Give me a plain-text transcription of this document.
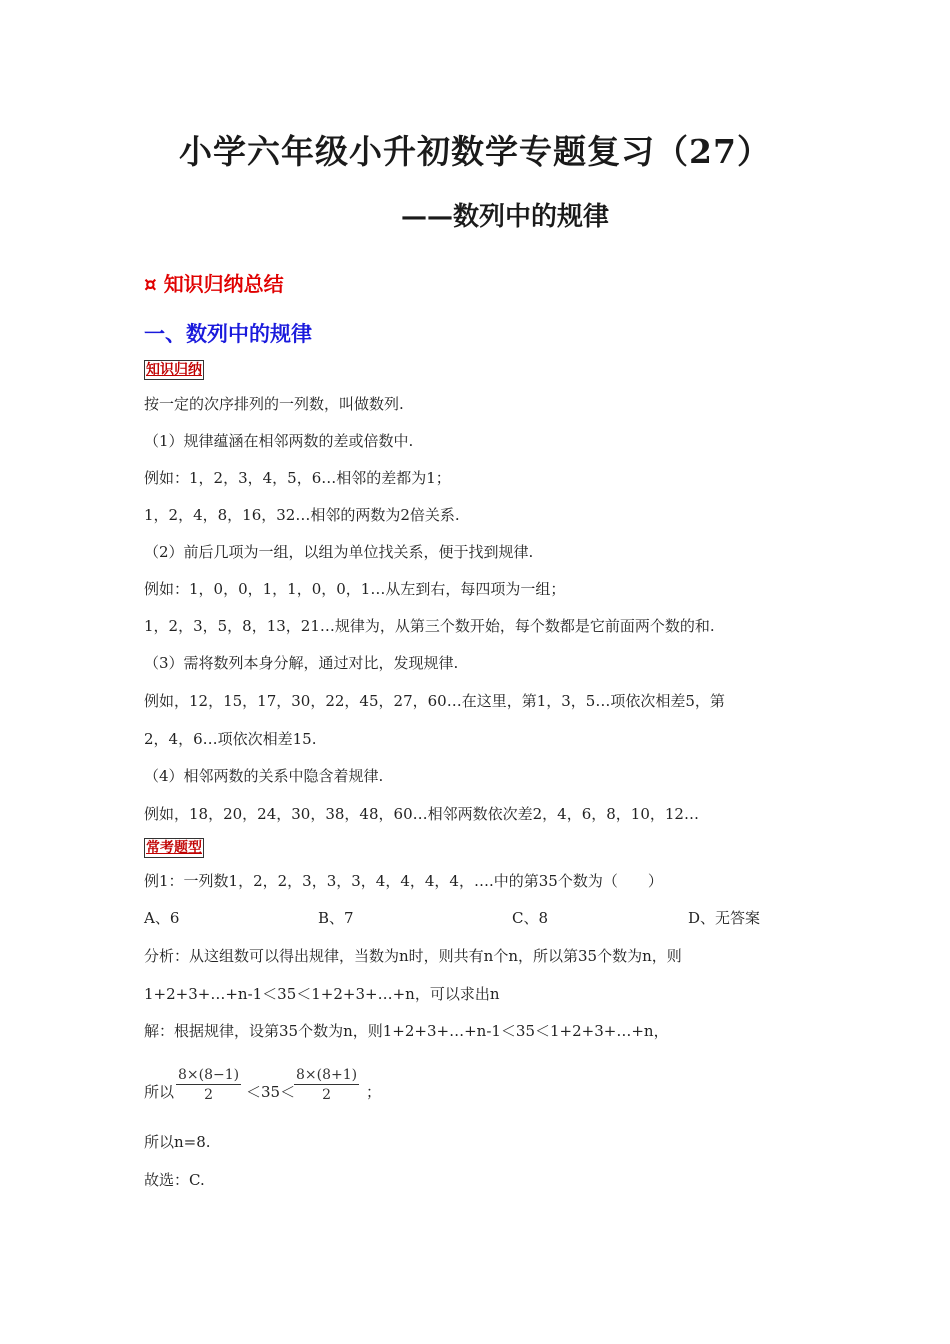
小学六年级小升初数学专题复习（27）
——数列中的规律
¤ 知识归纳总结
一、数列中的规律
知识归纳
按一定的次序排列的一列数，叫做数列.
（1）规律蕴涵在相邻两数的差或倍数中.
例如：1，2，3，4，5，6…相邻的差都为1；
1，2，4，8，16，32…相邻的两数为2倍关系.
（2）前后几项为一组，以组为单位找关系，便于找到规律.
例如：1，0，0，1，1，0，0，1…从左到右，每四项为一组；
1，2，3，5，8，13，21…规律为，从第三个数开始，每个数都是它前面两个数的和.
（3）需将数列本身分解，通过对比，发现规律.
例如，12，15，17，30，22，45，27，60…在这里，第1，3，5…项依次相差5，第
2，4，6…项依次相差15.
（4）相邻两数的关系中隐含着规律.
例如，18，20，24，30，38，48，60…相邻两数依次差2，4，6，8，10，12…
常考题型
例1：一列数1，2，2，3，3，3，4，4，4，4，….中的第35个数为（　　）
A、6	B、7	C、8	D、无答案
分析：从这组数可以得出规律，当数为n时，则共有n个n，所以第35个数为n，则
1+2+3+…+n-1＜35＜1+2+3+…+n，可以求出n
解：根据规律，设第35个数为n，则1+2+3+…+n-1＜35＜1+2+3+…+n，
所以 $\frac{8\times(8-1)}{2} <35<$
$\frac{8\times(8+1)}{2}$ ；
所以n=8.
故选：C.
